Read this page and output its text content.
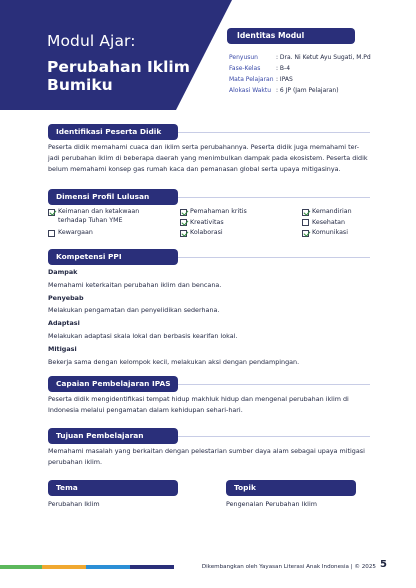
Modul Ajar:
Perubahan Iklim
Bumiku
Identitas Modul
Penyusun	: Dra. Ni Ketut Ayu Sugati, M.Pd
Fase-Kelas	: B-4
Mata Pelajaran : IPAS
Alokasi Waktu : 6 JP (Jam Pelajaran)
Identifikasi Peserta Didik
Peserta didik memahami cuaca dan iklim serta perubahannya. Peserta didik juga memahami ter-
jadi perubahan iklim di beberapa daerah yang menimbulkan dampak pada ekosistem. Peserta didik
belum memahami konsep gas rumah kaca dan pemanasan global serta upaya mitigasinya.
Dimensi Profil Lulusan
Keimanan dan ketakwaan terhadap Tuhan YME
Kewargaan
Pemahaman kritis
Kreativitas
Kolaborasi
Kemandirian
Kesehatan
Komunikasi
Kompetensi PPI
Dampak
Memahami keterkaitan perubahan iklim dan bencana.
Penyebab
Melakukan pengamatan dan penyelidikan sederhana.
Adaptasi
Melakukan adaptasi skala lokal dan berbasis kearifan lokal.
Mitigasi
Bekerja sama dengan kelompok kecil, melakukan aksi dengan pendampingan.
Capaian Pembelajaran IPAS
Peserta didik mengidentifikasi tempat hidup makhluk hidup dan mengenal perubahan iklim di
Indonesia melalui pengamatan dalam kehidupan sehari-hari.
Tujuan Pembelajaran
Memahami masalah yang berkaitan dengan pelestarian sumber daya alam sebagai upaya mitigasi
perubahan iklim.
Tema
Perubahan Iklim
Topik
Pengenalan Perubahan Iklim
Dikembangkan oleh Yayasan Literasi Anak Indonesia | © 2025 5
